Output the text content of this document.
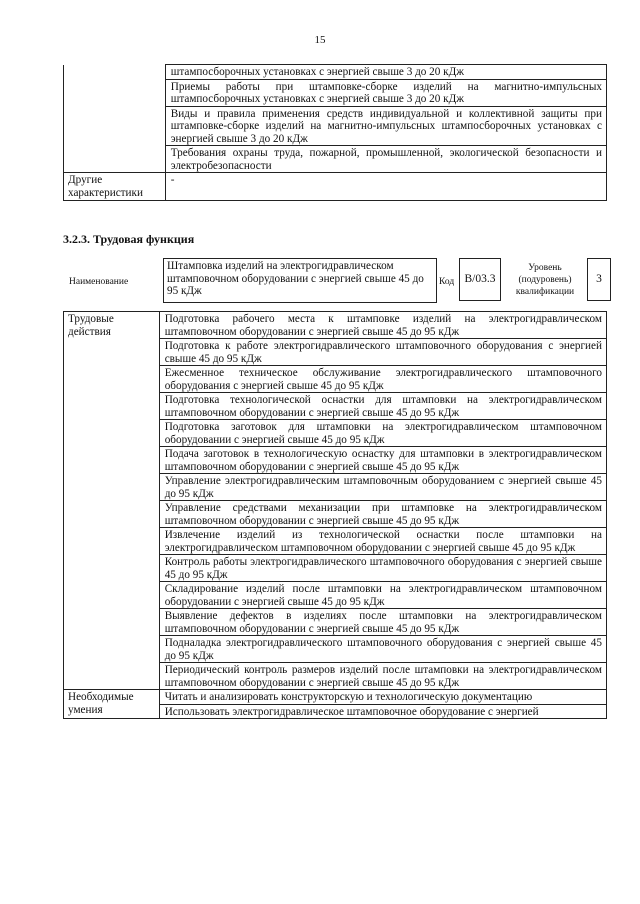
15
	штампосборочных установках с энергией свыше 3 до 20 кДж
	Приемы работы при штамповке-сборке изделий на магнитно-импульсных штампосборочных установках с энергией свыше 3 до 20 кДж
	Виды и правила применения средств индивидуальной и коллективной защиты при штамповке-сборке изделий на магнитно-импульсных штампосборочных установках с энергией свыше 3 до 20 кДж
	Требования охраны труда, пожарной, промышленной, экологической безопасности и электробезопасности
Другие характеристики	-
3.2.3. Трудовая функция
Наименование
Штамповка изделий на электрогидравлическом штамповочном оборудовании с энергией свыше 45 до 95 кДж
Код B/03.3
Уровень (подуровень) квалификации
3
Трудовые действия	Подготовка рабочего места к штамповке изделий на электрогидравлическом штамповочном оборудовании с энергией свыше 45 до 95 кДж
	Подготовка к работе электрогидравлического штамповочного оборудования с энергией свыше 45 до 95 кДж
	Ежесменное техническое обслуживание электрогидравлического штамповочного оборудования с энергией свыше 45 до 95 кДж
	Подготовка технологической оснастки для штамповки на электрогидравлическом штамповочном оборудовании с энергией свыше 45 до 95 кДж
	Подготовка заготовок для штамповки на электрогидравлическом штамповочном оборудовании с энергией свыше 45 до 95 кДж
	Подача заготовок в технологическую оснастку для штамповки в электрогидравлическом штамповочном оборудовании с энергией свыше 45 до 95 кДж
	Управление электрогидравлическим штамповочным оборудованием с энергией свыше 45 до 95 кДж
	Управление средствами механизации при штамповке на электрогидравлическом штамповочном оборудовании с энергией свыше 45 до 95 кДж
	Извлечение изделий из технологической оснастки после штамповки на электрогидравлическом штамповочном оборудовании с энергией свыше 45 до 95 кДж
	Контроль работы электрогидравлического штамповочного оборудования с энергией свыше 45 до 95 кДж
	Складирование изделий после штамповки на электрогидравлическом штамповочном оборудовании с энергией свыше 45 до 95 кДж
	Выявление дефектов в изделиях после штамповки на электрогидравлическом штамповочном оборудовании с энергией свыше 45 до 95 кДж
	Подналадка электрогидравлического штамповочного оборудования с энергией свыше 45 до 95 кДж
	Периодический контроль размеров изделий после штамповки на электрогидравлическом штамповочном оборудовании с энергией свыше 45 до 95 кДж
Необходимые умения	Читать и анализировать конструкторскую и технологическую документацию
	Использовать электрогидравлическое штамповочное оборудование с энергией
